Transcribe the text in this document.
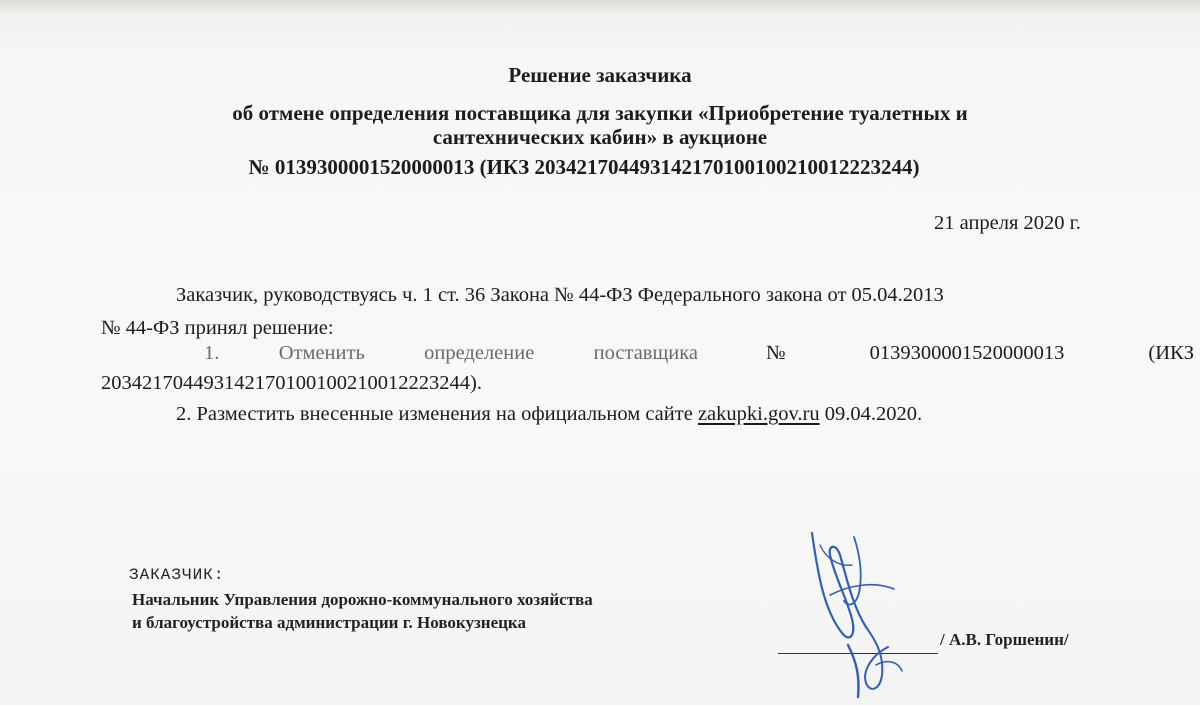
Решение заказчика
об отмене определения поставщика для закупки «Приобретение туалетных и
сантехнических кабин» в аукционе
№ 0139300001520000013 (ИКЗ 203421704493142170100100210012223244)
21 апреля 2020 г.
Заказчик, руководствуясь ч. 1 ст. 36 Закона № 44-ФЗ Федерального закона от 05.04.2013
№ 44-ФЗ принял решение:
1.	Отменить	определение	поставщика	№	0139300001520000013	(ИКЗ
203421704493142170100100210012223244).
2. Разместить внесенные изменения на официальном сайте zakupki.gov.ru 09.04.2020.
ЗАКАЗЧИК:
Начальник Управления дорожно-коммунального хозяйства
и благоустройства администрации г. Новокузнецка
/ А.В. Горшенин/
